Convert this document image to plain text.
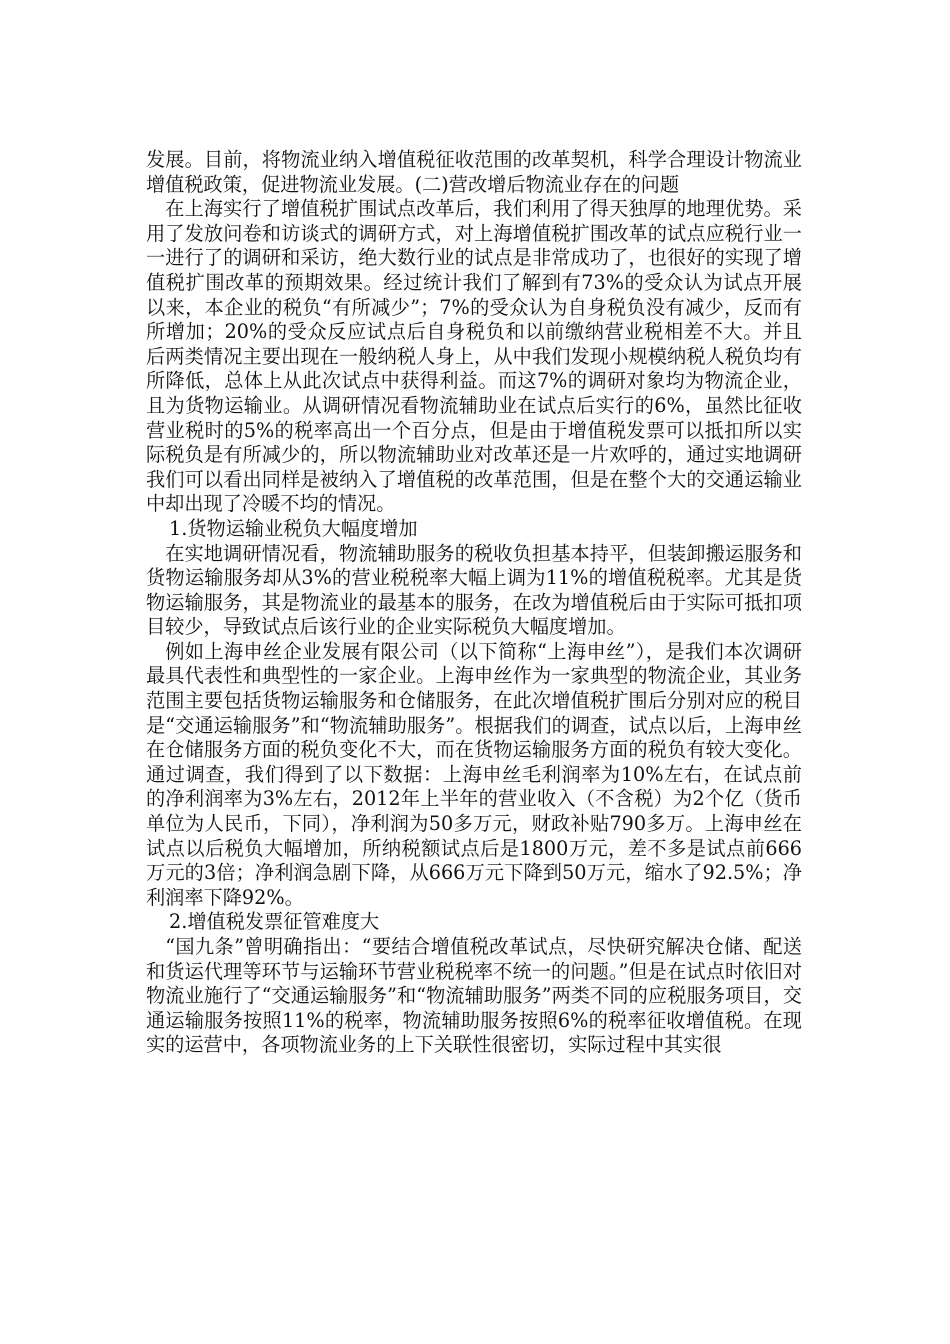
发展。目前，将物流业纳入增值税征收范围的改革契机，科学合理设计物流业增值税政策，促进物流业发展。(二)营改增后物流业存在的问题

在上海实行了增值税扩围试点改革后，我们利用了得天独厚的地理优势。采用了发放问卷和访谈式的调研方式，对上海增值税扩围改革的试点应税行业一一进行了的调研和采访，绝大数行业的试点是非常成功了，也很好的实现了增值税扩围改革的预期效果。经过统计我们了解到有73%的受众认为试点开展以来，本企业的税负“有所减少”；7%的受众认为自身税负没有减少，反而有所增加；20%的受众反应试点后自身税负和以前缴纳营业税相差不大。并且后两类情况主要出现在一般纳税人身上，从中我们发现小规模纳税人税负均有所降低，总体上从此次试点中获得利益。而这7%的调研对象均为物流企业，且为货物运输业。从调研情况看物流辅助业在试点后实行的6%，虽然比征收营业税时的5%的税率高出一个百分点，但是由于增值税发票可以抵扣所以实际税负是有所减少的，所以物流辅助业对改革还是一片欢呼的，通过实地调研我们可以看出同样是被纳入了增值税的改革范围，但是在整个大的交通运输业中却出现了冷暖不均的情况。

1.货物运输业税负大幅度增加

在实地调研情况看，物流辅助服务的税收负担基本持平，但装卸搬运服务和货物运输服务却从3%的营业税税率大幅上调为11%的增值税税率。尤其是货物运输服务，其是物流业的最基本的服务，在改为增值税后由于实际可抵扣项目较少，导致试点后该行业的企业实际税负大幅度增加。

例如上海申丝企业发展有限公司（以下简称“上海申丝”），是我们本次调研最具代表性和典型性的一家企业。上海申丝作为一家典型的物流企业，其业务范围主要包括货物运输服务和仓储服务，在此次增值税扩围后分别对应的税目是“交通运输服务”和“物流辅助服务”。根据我们的调查，试点以后，上海申丝在仓储服务方面的税负变化不大，而在货物运输服务方面的税负有较大变化。通过调查，我们得到了以下数据：上海申丝毛利润率为10%左右，在试点前的净利润率为3%左右，2012年上半年的营业收入（不含税）为2个亿（货币单位为人民币，下同），净利润为50多万元，财政补贴790多万。上海申丝在试点以后税负大幅增加，所纳税额试点后是1800万元，差不多是试点前666万元的3倍；净利润急剧下降，从666万元下降到50万元，缩水了92.5%；净利润率下降92%。

2.增值税发票征管难度大

“国九条”曾明确指出：“要结合增值税改革试点，尽快研究解决仓储、配送和货运代理等环节与运输环节营业税税率不统一的问题。”但是在试点时依旧对物流业施行了“交通运输服务”和“物流辅助服务”两类不同的应税服务项目，交通运输服务按照11%的税率，物流辅助服务按照6%的税率征收增值税。在现实的运营中，各项物流业务的上下关联性很密切，实际过程中其实很
